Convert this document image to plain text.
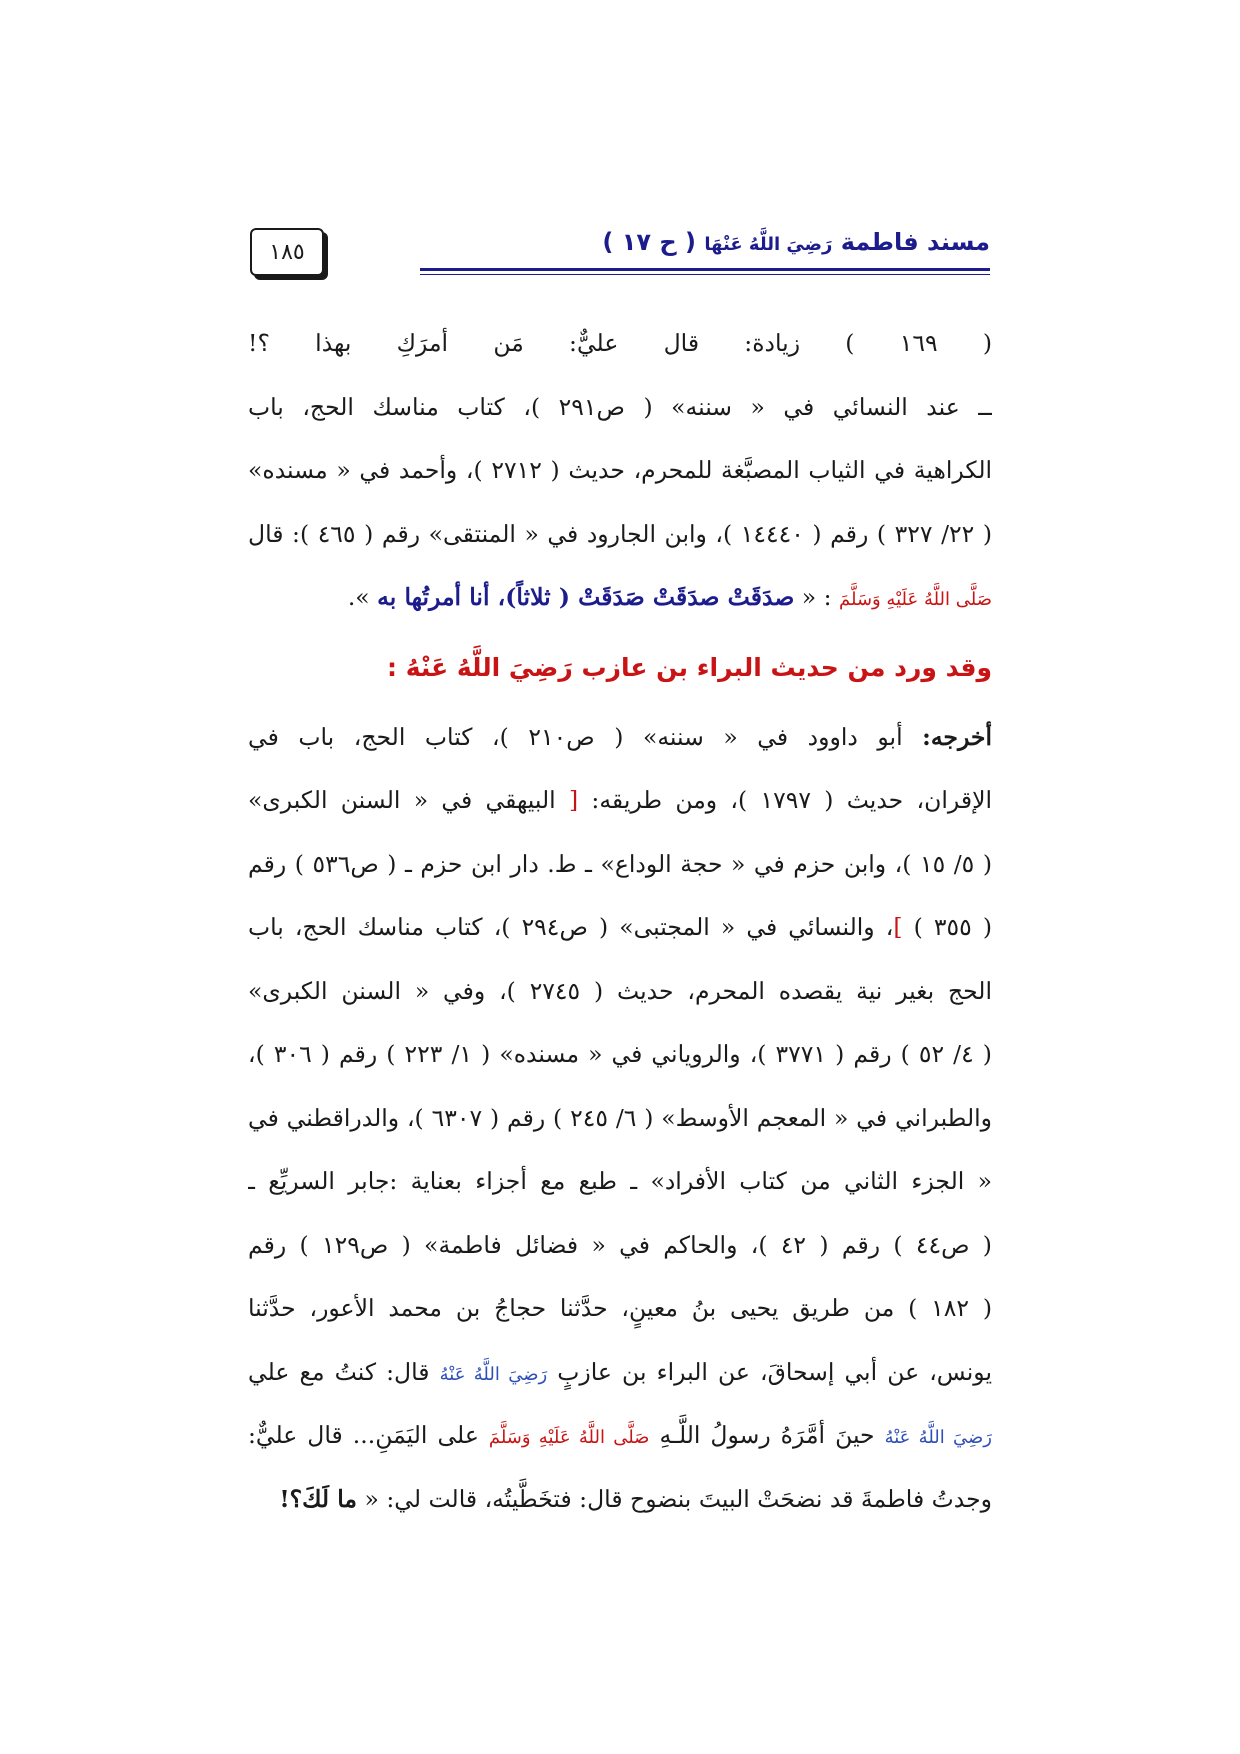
مسند فاطمة رَضِيَ اللَّهُ عَنْهَا ( ح ١٧ )
١٨٥
( ١٦٩ ) زيادة: قال عليٌّ: مَن أمرَكِ بهذا ؟!
ــ عند النسائي في « سننه» ( ص٢٩١ )، كتاب مناسك الحج، باب
الكراهية في الثياب المصبَّغة للمحرم، حديث ( ٢٧١٢ )، وأحمد في « مسنده»
( ٢٢/ ٣٢٧ ) رقم ( ١٤٤٤٠ )، وابن الجارود في « المنتقى» رقم ( ٤٦٥ ): قال
صَلَّى اللَّهُ عَلَيْهِ وَسَلَّمَ : « صدَقَتْ صدَقَتْ صَدَقَتْ ( ثلاثاً)، أنا أمرتُها به ».
وقد ورد من حديث البراء بن عازب رَضِيَ اللَّهُ عَنْهُ :
أخرجه: أبو داوود في « سننه» ( ص٢١٠ )، كتاب الحج، باب في
الإقران، حديث ( ١٧٩٧ )، ومن طريقه: [ البيهقي في « السنن الكبرى»
( ٥/ ١٥ )، وابن حزم في « حجة الوداع» ـ ط. دار ابن حزم ـ ( ص٥٣٦ ) رقم
( ٣٥٥ ) ]، والنسائي في « المجتبى» ( ص٢٩٤ )، كتاب مناسك الحج، باب
الحج بغير نية يقصده المحرم، حديث ( ٢٧٤٥ )، وفي « السنن الكبرى»
( ٤/ ٥٢ ) رقم ( ٣٧٧١ )، والروياني في « مسنده» ( ١/ ٢٢٣ ) رقم ( ٣٠٦ )،
والطبراني في « المعجم الأوسط» ( ٦/ ٢٤٥ ) رقم ( ٦٣٠٧ )، والدراقطني في
« الجزء الثاني من كتاب الأفراد» ـ طبع مع أجزاء بعناية :جابر السريِّع ـ
( ص٤٤ ) رقم ( ٤٢ )، والحاكم في « فضائل فاطمة» ( ص١٢٩ ) رقم
( ١٨٢ ) من طريق يحيى بنُ معينٍ، حدَّثنا حجاجُ بن محمد الأعور، حدَّثنا
يونس، عن أبي إسحاقَ، عن البراء بن عازبٍ رَضِيَ اللَّهُ عَنْهُ قال: كنتُ مع علي
رَضِيَ اللَّهُ عَنْهُ حينَ أمَّرَهُ رسولُ اللَّـهِ صَلَّى اللَّهُ عَلَيْهِ وَسَلَّمَ على اليَمَنِ... قال عليٌّ:
وجدتُ فاطمةَ قد نضحَتْ البيتَ بنضوح قال: فتخَطَّيتُه، قالت لي: « ما لَكَ؟!
